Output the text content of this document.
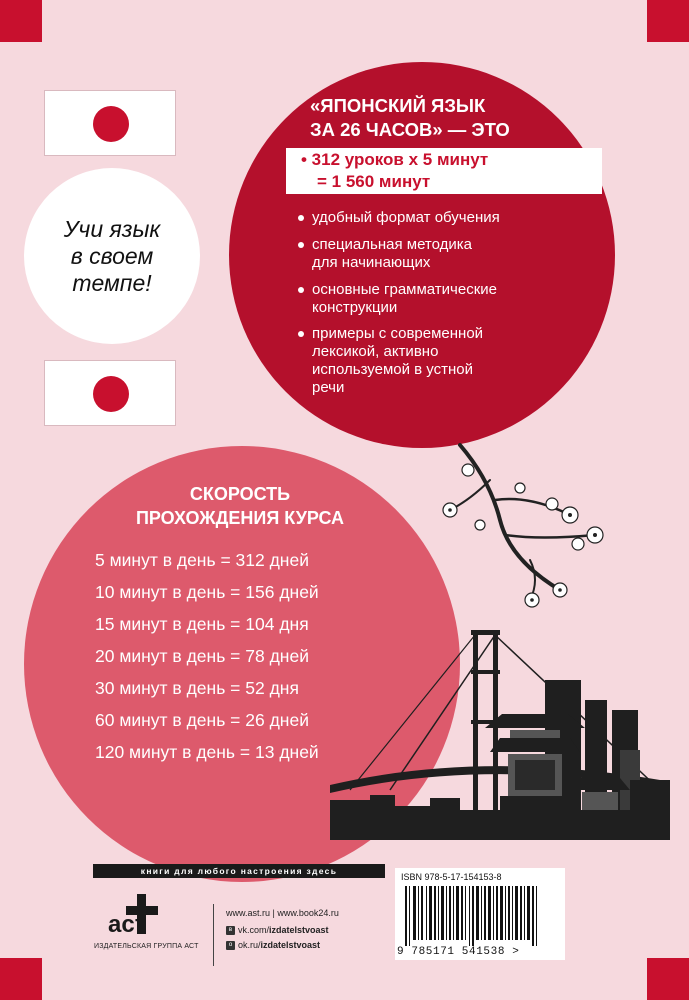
Учи язык
в своем
темпе!
«ЯПОНСКИЙ ЯЗЫК
ЗА 26 ЧАСОВ» — ЭТО
• 312 уроков х 5 минут
= 1 560 минут
удобный формат обучения
специальная методика
для начинающих
основные грамматические
конструкции
примеры с современной
лексикой, активно
используемой в устной
речи
СКОРОСТЬ
ПРОХОЖДЕНИЯ КУРСА
5 минут в день = 312 дней
10 минут в день = 156 дней
15 минут в день = 104 дня
20 минут в день = 78 дней
30 минут в день = 52 дня
60 минут в день = 26 дней
120 минут в день = 13 дней
книги для любого настроения здесь
аст
ИЗДАТЕЛЬСКАЯ ГРУППА АСТ
www.ast.ru | www.book24.ru
в vk.com/izdatelstvoast
о ok.ru/izdatelstvoast
ISBN 978-5-17-154153-8
9 785171 541538 >
